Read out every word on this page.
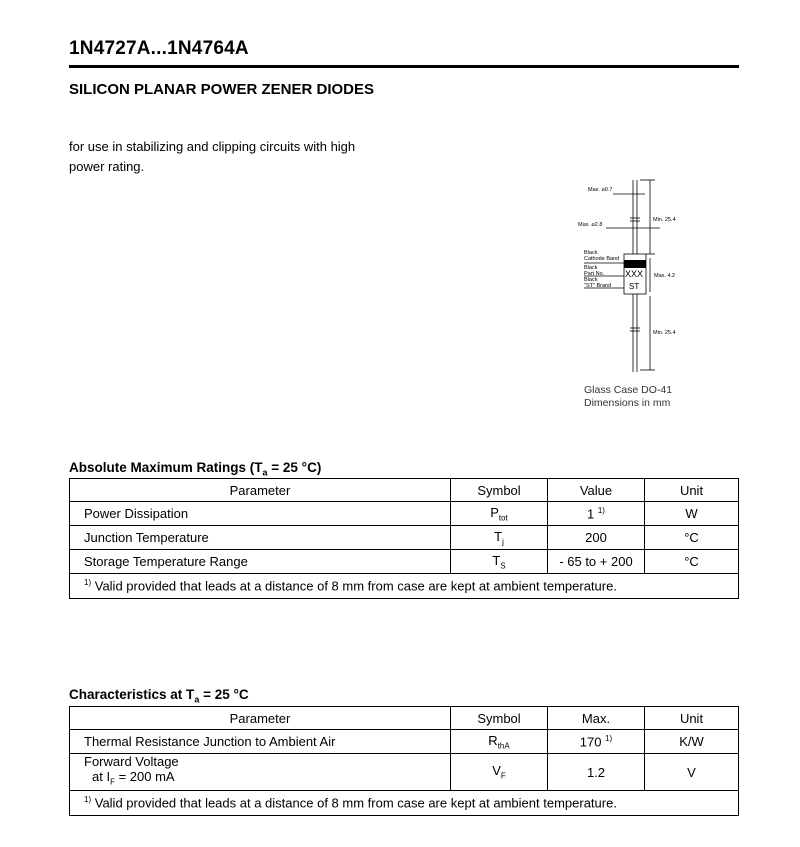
1N4727A...1N4764A
SILICON PLANAR POWER ZENER DIODES
for use in stabilizing and clipping circuits with high power rating.
Max. ⌀0.7
Max. ⌀2.8
Min. 25.4
Max. 4.2
Min. 25.4
Black
Cathode Band
Black
Part No.
Black
"ST" Brand
XXX
ST
Glass Case DO-41
Dimensions in mm
Absolute Maximum Ratings ($T_a = 25$ °C)
Parameter	Symbol	Value	Unit
Power Dissipation	$P_{tot}$	1 $^{1)}$	W
Junction Temperature	$T_j$	200	°C
Storage Temperature Range	$T_S$	- 65 to + 200	°C
$^{1)}$ Valid provided that leads at a distance of 8 mm from case are kept at ambient temperature.			
Characteristics at $T_a = 25$ °C
Parameter	Symbol	Max.	Unit
Thermal Resistance Junction to Ambient Air	$R_{thA}$	170 $^{1)}$	K/W

Forward Voltage
at $I_F = 200$ mA	$V_F$	1.2	V
$^{1)}$ Valid provided that leads at a distance of 8 mm from case are kept at ambient temperature.			
